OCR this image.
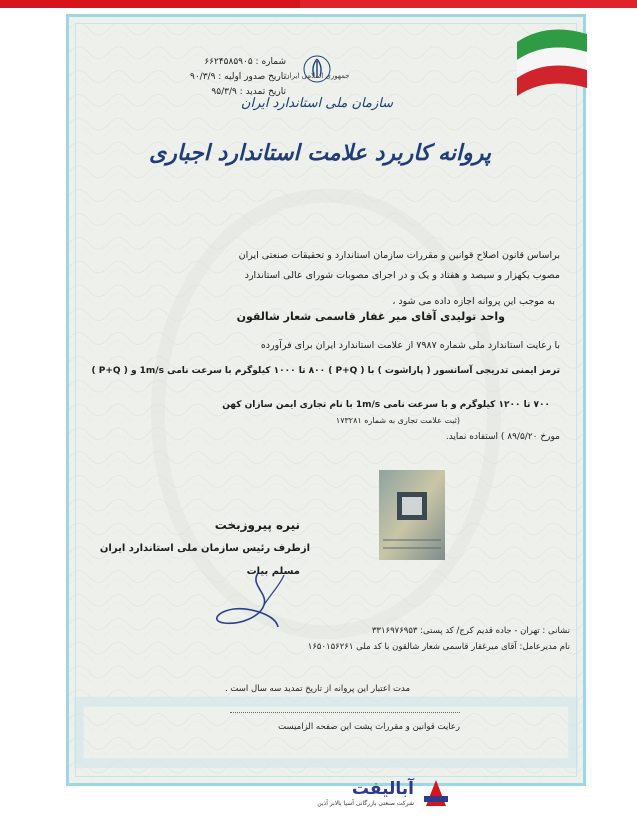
شماره : ۶۶۲۴۵۸۵۹۰۵
تاریخ صدور اولیه : ۹۰/۳/۹
تاریخ تمدید : ۹۵/۳/۹
جمهوری اسلامی ایران
سازمان ملی استاندارد ایران
پروانه کاربرد علامت استاندارد اجباری
براساس قانون اصلاح قوانین و مقررات سازمان استاندارد و تحقیقات صنعتی ایران
مصوب یکهزار و سیصد و هفتاد و یک و در اجرای مصوبات شورای عالی استاندارد
به موجب این پروانه اجازه داده می شود ،
واحد تولیدی آقای میر غفار قاسمی شعار شالقون
با رعایت استاندارد ملی شماره ۷۹۸۷ از علامت استاندارد ایران برای فرآورده
ترمز ایمنی تدریجی آسانسور ( پاراشوت ) با ( P+Q ) ۸۰۰ تا ۱۰۰۰ کیلوگرم با سرعت نامی 1m/s و ( P+Q )
۷۰۰ تا ۱۲۰۰ کیلوگرم و با سرعت نامی 1m/s با نام تجاری ایمن سازان کهن
(ثبت علامت تجاری به شماره ۱۷۳۲۸۱
مورخ ۸۹/۵/۲۰ ) استفاده نماید.
نیره پیروزبخت
ازطرف رئیس سازمان ملی استاندارد ایران
مسلم بیات
نشانی : تهران - جاده قدیم کرج/ کد پستی: ۳۳۱۶۹۷۶۹۵۳
نام مدیرعامل: آقای میرغفار قاسمی شعار شالقون با کد ملی ۱۶۵۰۱۵۶۲۶۱
مدت اعتبار این پروانه از تاریخ تمدید سه سال است .
رعایت قوانین و مقررات پشت این صفحه الزامیست
آباليفت
شرکت صنعتی بازرگانی آسیا بالابر آذین
